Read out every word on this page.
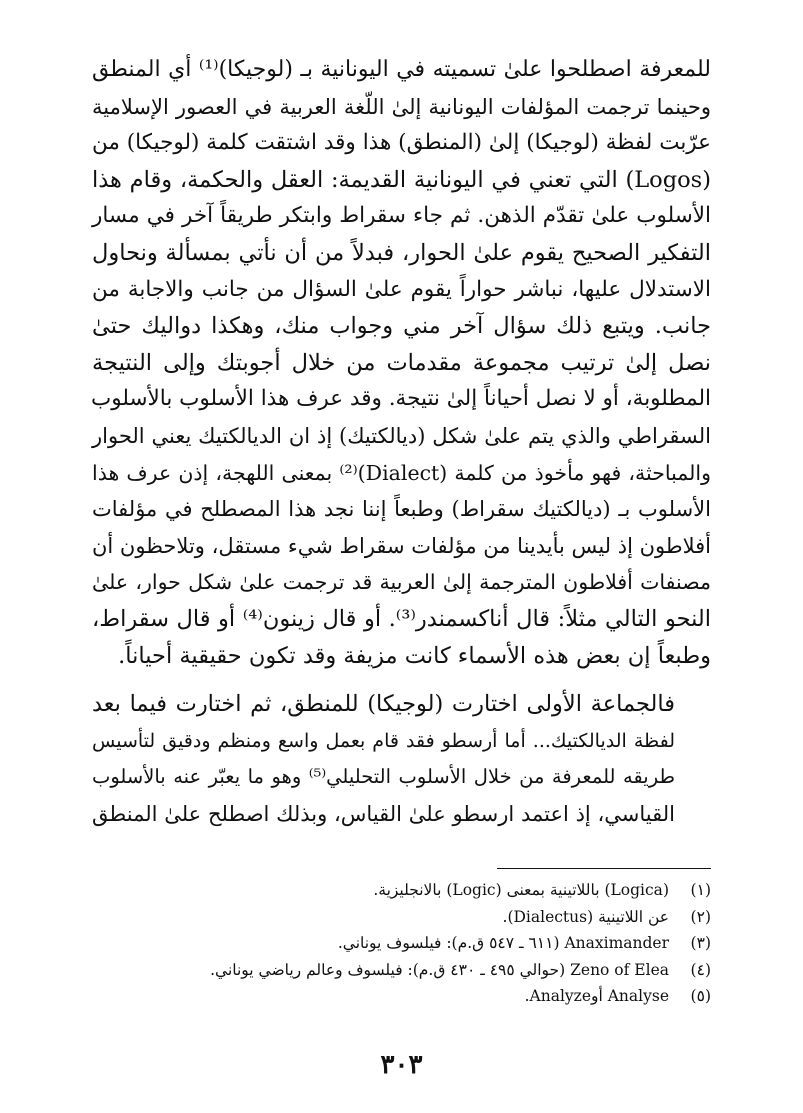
للمعرفة اصطلحوا علىٰ تسميته في اليونانية بـ (لوجيكا)⁽¹⁾ أي المنطق
وحينما ترجمت المؤلفات اليونانية إلىٰ اللّغة العربية في العصور الإسلامية
عرّبت لفظة (لوجيكا) إلىٰ (المنطق) هذا وقد اشتقت كلمة (لوجيكا) من
(Logos) التي تعني في اليونانية القديمة: العقل والحكمة، وقام هذا
الأسلوب علىٰ تقدّم الذهن. ثم جاء سقراط وابتكر طريقاً آخر في مسار
التفكير الصحيح يقوم علىٰ الحوار، فبدلاً من أن نأتي بمسألة ونحاول
الاستدلال عليها، نباشر حواراً يقوم علىٰ السؤال من جانب والاجابة من
جانب. ويتبع ذلك سؤال آخر مني وجواب منك، وهكذا دواليك حتىٰ
نصل إلىٰ ترتيب مجموعة مقدمات من خلال أجوبتك وإلى النتيجة
المطلوبة، أو لا نصل أحياناً إلىٰ نتيجة. وقد عرف هذا الأسلوب بالأسلوب
السقراطي والذي يتم علىٰ شكل (ديالكتيك) إذ ان الديالكتيك يعني الحوار
والمباحثة، فهو مأخوذ من كلمة (Dialect)⁽²⁾ بمعنى اللهجة، إذن عرف هذا
الأسلوب بـ (ديالكتيك سقراط) وطبعاً إننا نجد هذا المصطلح في مؤلفات
أفلاطون إذ ليس بأيدينا من مؤلفات سقراط شيء مستقل، وتلاحظون أن
مصنفات أفلاطون المترجمة إلىٰ العربية قد ترجمت علىٰ شكل حوار، علىٰ
النحو التالي مثلاً: قال أناكسمندر⁽³⁾. أو قال زينون⁽⁴⁾ أو قال سقراط،
وطبعاً إن بعض هذه الأسماء كانت مزيفة وقد تكون حقيقية أحياناً.

فالجماعة الأولى اختارت (لوجيكا) للمنطق، ثم اختارت فيما بعد
لفظة الديالكتيك... أما أرسطو فقد قام بعمل واسع ومنظم ودقيق لتأسيس
طريقه للمعرفة من خلال الأسلوب التحليلي⁽⁵⁾ وهو ما يعبّر عنه بالأسلوب
القياسي، إذ اعتمد ارسطو علىٰ القياس، وبذلك اصطلح علىٰ المنطق

(١)(Logica) باللاتينية بمعنى (Logic) بالانجليزية.
(٢)عن اللاتينية (Dialectus).
(٣)Anaximander (٦١١ ـ ٥٤٧ ق.م): فيلسوف يوناني.
(٤)Zeno of Elea (حوالي ٤٩٥ ـ ٤٣٠ ق.م): فيلسوف وعالم رياضي يوناني.
(٥)Analyse أوAnalyze.
٣٠٣
